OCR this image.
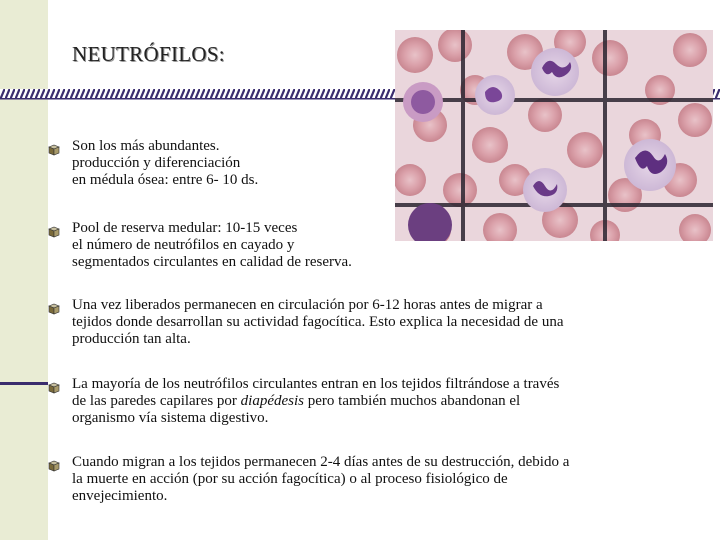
NEUTRÓFILOS:

Son los más abundantes.
producción y diferenciación
en médula ósea: entre 6- 10 ds.

Pool de reserva medular: 10-15 veces
el número de neutrófilos en cayado y
segmentados circulantes en calidad de reserva.

Una vez liberados permanecen en circulación por 6-12 horas antes de migrar a
tejidos donde desarrollan su actividad fagocítica. Esto explica la necesidad de una
producción tan alta.

La mayoría de los neutrófilos circulantes entran en los tejidos filtrándose a través
de las paredes capilares por diapédesis pero también muchos abandonan el
organismo vía sistema digestivo.

Cuando migran a los tejidos permanecen 2-4 días antes de su destrucción, debido a
la muerte en acción (por su acción fagocítica) o al proceso fisiológico de
envejecimiento.
